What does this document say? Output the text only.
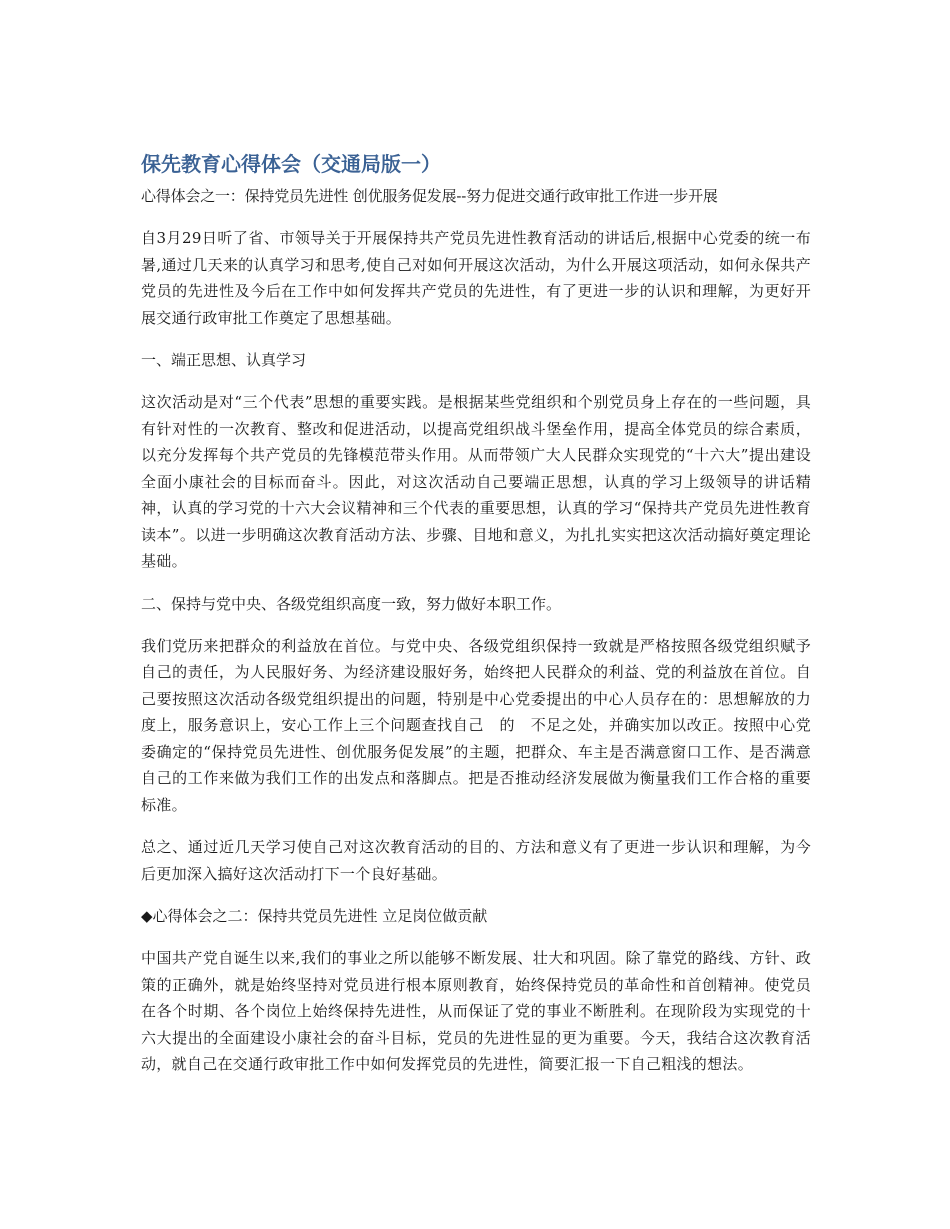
保先教育心得体会（交通局版一）

心得体会之一：保持党员先进性 创优服务促发展--努力促进交通行政审批工作进一步开展

自3月29日听了省、市领导关于开展保持共产党员先进性教育活动的讲话后,根据中心党委的统一布暑,通过几天来的认真学习和思考,使自己对如何开展这次活动，为什么开展这项活动，如何永保共产党员的先进性及今后在工作中如何发挥共产党员的先进性，有了更进一步的认识和理解，为更好开展交通行政审批工作奠定了思想基础。

一、端正思想、认真学习

这次活动是对“三个代表”思想的重要实践。是根据某些党组织和个别党员身上存在的一些问题，具有针对性的一次教育、整改和促进活动，以提高党组织战斗堡垒作用，提高全体党员的综合素质，以充分发挥每个共产党员的先锋模范带头作用。从而带领广大人民群众实现党的“十六大”提出建设全面小康社会的目标而奋斗。因此，对这次活动自己要端正思想，认真的学习上级领导的讲话精神，认真的学习党的十六大会议精神和三个代表的重要思想，认真的学习“保持共产党员先进性教育读本”。以进一步明确这次教育活动方法、步骤、目地和意义，为扎扎实实把这次活动搞好奠定理论基础。

二、保持与党中央、各级党组织高度一致，努力做好本职工作。

我们党历来把群众的利益放在首位。与党中央、各级党组织保持一致就是严格按照各级党组织赋予自己的责任，为人民服好务、为经济建设服好务，始终把人民群众的利益、党的利益放在首位。自己要按照这次活动各级党组织提出的问题，特别是中心党委提出的中心人员存在的：思想解放的力度上，服务意识上，安心工作上三个问题查找自己　的　不足之处，并确实加以改正。按照中心党委确定的“保持党员先进性、创优服务促发展”的主题，把群众、车主是否满意窗口工作、是否满意自己的工作来做为我们工作的出发点和落脚点。把是否推动经济发展做为衡量我们工作合格的重要标准。

总之、通过近几天学习使自己对这次教育活动的目的、方法和意义有了更进一步认识和理解，为今后更加深入搞好这次活动打下一个良好基础。

◆心得体会之二：保持共党员先进性 立足岗位做贡献

中国共产党自诞生以来,我们的事业之所以能够不断发展、壮大和巩固。除了靠党的路线、方针、政策的正确外，就是始终坚持对党员进行根本原则教育，始终保持党员的革命性和首创精神。使党员在各个时期、各个岗位上始终保持先进性，从而保证了党的事业不断胜利。在现阶段为实现党的十六大提出的全面建设小康社会的奋斗目标，党员的先进性显的更为重要。今天，我结合这次教育活动，就自己在交通行政审批工作中如何发挥党员的先进性，简要汇报一下自己粗浅的想法。
